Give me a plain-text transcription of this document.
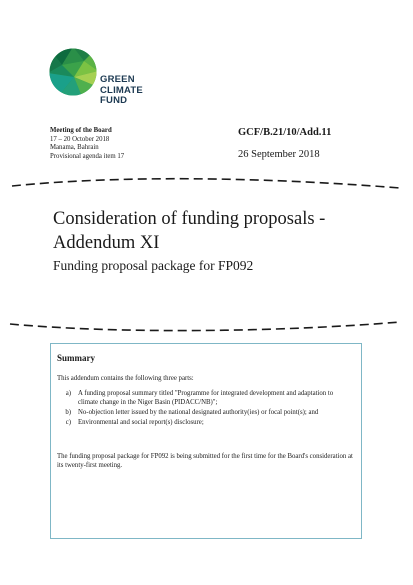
GREEN
CLIMATE
FUND
Meeting of the Board
17 – 20 October 2018
Manama, Bahrain
Provisional agenda item 17
GCF/B.21/10/Add.11
26 September 2018
Consideration of funding proposals - Addendum XI
Funding proposal package for FP092
Summary
This addendum contains the following three parts:
a)	A funding proposal summary titled "Programme for integrated development and adaptation to climate change in the Niger Basin (PIDACC/NB)";
b)	No-objection letter issued by the national designated authority(ies) or focal point(s); and
c)	Environmental and social report(s) disclosure;
The funding proposal package for FP092 is being submitted for the first time for the Board's consideration at its twenty-first meeting.
